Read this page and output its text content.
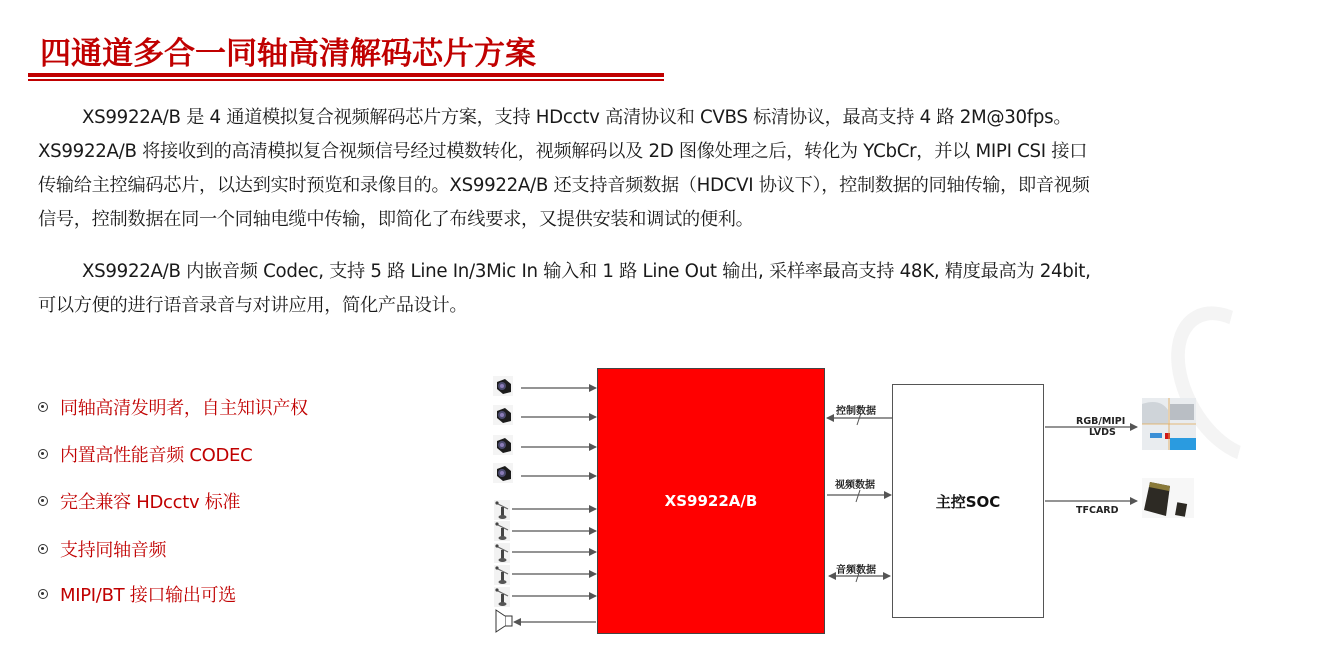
四通道多合一同轴高清解码芯片方案
XS9922A/B 是 4 通道模拟复合视频解码芯片方案，支持 HDcctv 高清协议和 CVBS 标清协议，最高支持 4 路 2M@30fps。
XS9922A/B 将接收到的高清模拟复合视频信号经过模数转化，视频解码以及 2D 图像处理之后，转化为 YCbCr，并以 MIPI CSI 接口
传输给主控编码芯片，以达到实时预览和录像目的。XS9922A/B 还支持音频数据（HDCVI 协议下），控制数据的同轴传输，即音视频
信号，控制数据在同一个同轴电缆中传输，即简化了布线要求，又提供安装和调试的便利。
XS9922A/B 内嵌音频 Codec, 支持 5 路 Line In/3Mic In 输入和 1 路 Line Out 输出, 采样率最高支持 48K, 精度最高为 24bit,
可以方便的进行语音录音与对讲应用，简化产品设计。
同轴高清发明者，自主知识产权
内置高性能音频 CODEC
完全兼容 HDcctv 标准
支持同轴音频
MIPI/BT 接口输出可选
XS9922A/B	主控SOC
控制数据
视频数据
音频数据
RGB/MIPI
LVDS
TFCARD
